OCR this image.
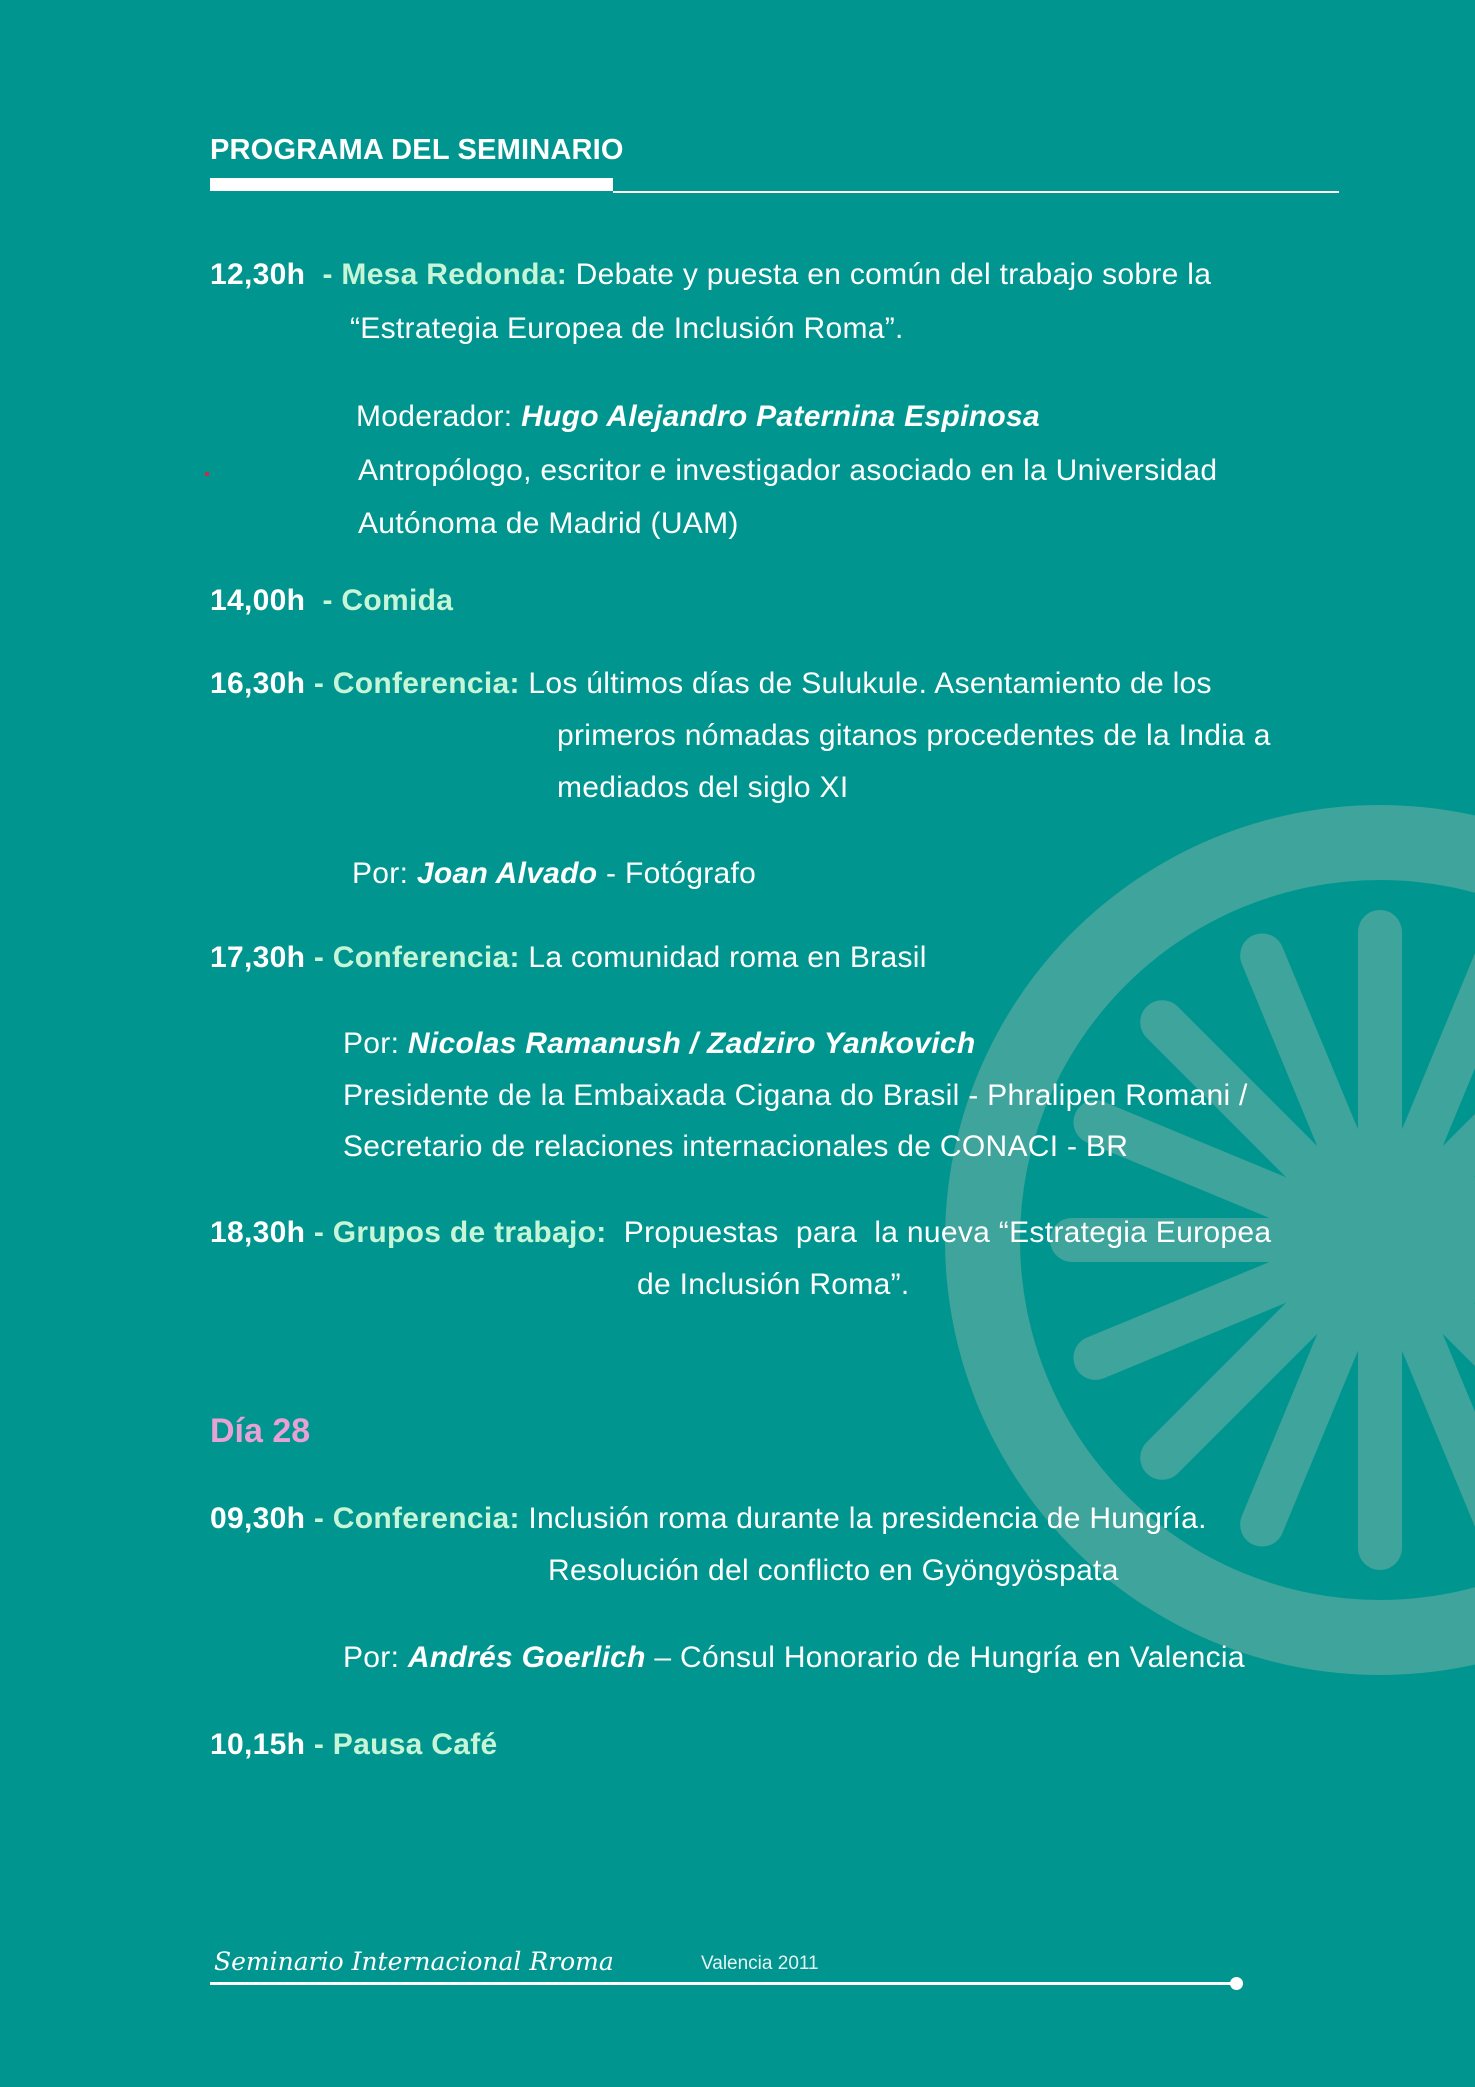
PROGRAMA DEL SEMINARIO
12,30h - Mesa Redonda: Debate y puesta en común del trabajo sobre la
“Estrategia Europea de Inclusión Roma”.
Moderador: Hugo Alejandro Paternina Espinosa
Antropólogo, escritor e investigador asociado en la Universidad
Autónoma de Madrid (UAM)
14,00h - Comida
16,30h - Conferencia: Los últimos días de Sulukule. Asentamiento de los
primeros nómadas gitanos procedentes de la India a
mediados del siglo XI
Por: Joan Alvado - Fotógrafo
17,30h - Conferencia: La comunidad roma en Brasil
Por: Nicolas Ramanush / Zadziro Yankovich
Presidente de la Embaixada Cigana do Brasil - Phralipen Romani /
Secretario de relaciones internacionales de CONACI - BR
18,30h - Grupos de trabajo:  Propuestas  para  la nueva “Estrategia Europea
de Inclusión Roma”.
Día 28
09,30h - Conferencia: Inclusión roma durante la presidencia de Hungría.
Resolución del conflicto en Gyöngyöspata
Por: Andrés Goerlich – Cónsul Honorario de Hungría en Valencia
10,15h - Pausa Café
Seminario Internacional Rroma	Valencia 2011
